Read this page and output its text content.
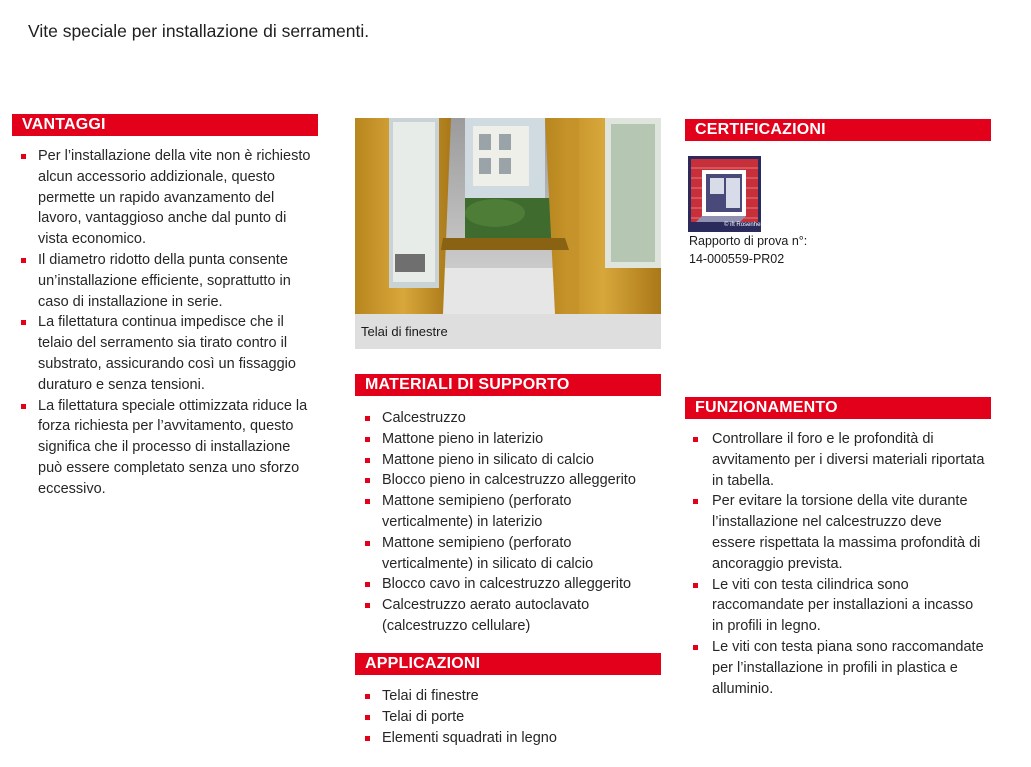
Vite speciale per installazione di serramenti.
VANTAGGI
Per l’installazione della vite non è richiesto alcun accessorio addizionale, questo permette un rapido avanzamento del lavoro, vantaggioso anche dal punto di vista economico.
Il diametro ridotto della punta consente un’installazione efficiente, soprattutto in caso di installazione in serie.
La filettatura continua impedisce che il telaio del serramento sia tirato contro il substrato, assicurando così un fissaggio duraturo e senza tensioni.
La filettatura speciale ottimizzata riduce la forza richiesta per l’avvitamento, questo significa che il processo di installazione può essere completato senza uno sforzo eccessivo.
Telai di finestre
MATERIALI DI SUPPORTO
Calcestruzzo
Mattone pieno in laterizio
Mattone pieno in silicato di calcio
Blocco pieno in calcestruzzo alleggerito
Mattone semipieno (perforato verticalmente) in laterizio
Mattone semipieno (perforato verticalmente) in silicato di calcio
Blocco cavo in calcestruzzo alleggerito
Calcestruzzo aerato autoclavato (calcestruzzo cellulare)
APPLICAZIONI
Telai di finestre
Telai di porte
Elementi squadrati in legno
CERTIFICAZIONI
© ift Rosenheim
Rapporto di prova n°:
14-000559-PR02
FUNZIONAMENTO
Controllare il foro e le profondità di avvitamento per i diversi materiali riportata in tabella.
Per evitare la torsione della vite durante l’installazione nel calcestruzzo deve essere rispettata la massima profondità di ancoraggio prevista.
Le viti con testa cilindrica sono raccomandate per installazioni a incasso in profili in legno.
Le viti con testa piana sono raccomandate per l’installazione in profili in plastica e alluminio.
